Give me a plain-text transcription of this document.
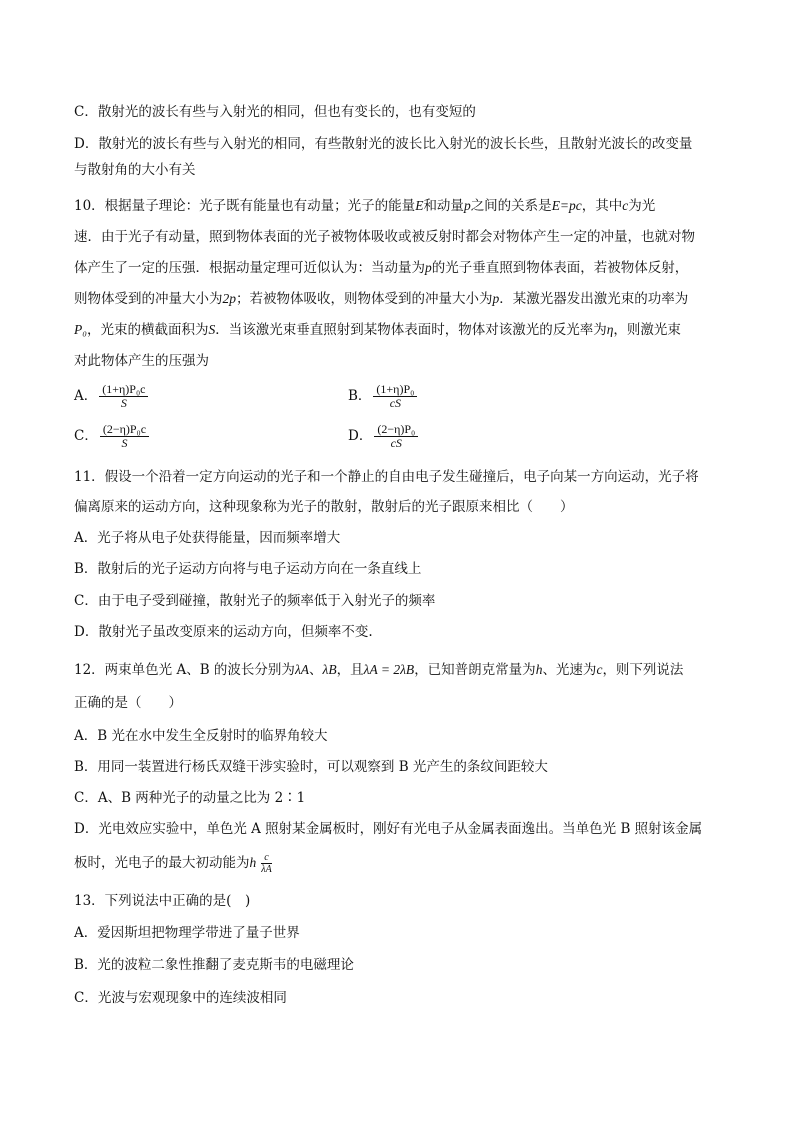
C．散射光的波长有些与入射光的相同，但也有变长的，也有变短的
D．散射光的波长有些与入射光的相同，有些散射光的波长比入射光的波长长些，且散射光波长的改变量
与散射角的大小有关
10．根据量子理论：光子既有能量也有动量；光子的能量E和动量p之间的关系是E=pc，其中c为光
速．由于光子有动量，照到物体表面的光子被物体吸收或被反射时都会对物体产生一定的冲量，也就对物
体产生了一定的压强．根据动量定理可近似认为：当动量为p的光子垂直照到物体表面，若被物体反射，
则物体受到的冲量大小为2p；若被物体吸收，则物体受到的冲量大小为p．某激光器发出激光束的功率为
P₀，光束的横截面积为S．当该激光束垂直照射到某物体表面时，物体对该激光的反光率为η，则激光束
对此物体产生的压强为
A． $\frac{\text{(1+η)P₀c}}{S}$	B． $\frac{\text{(1+η)P₀}}{cS}$
C． $\frac{\text{(2−η)P₀c}}{S}$	D． $\frac{\text{(2−η)P₀}}{cS}$
11．假设一个沿着一定方向运动的光子和一个静止的自由电子发生碰撞后，电子向某一方向运动，光子将
偏离原来的运动方向，这种现象称为光子的散射，散射后的光子跟原来相比（　　）
A．光子将从电子处获得能量，因而频率增大
B．散射后的光子运动方向将与电子运动方向在一条直线上
C．由于电子受到碰撞，散射光子的频率低于入射光子的频率
D．散射光子虽改变原来的运动方向，但频率不变.
12．两束单色光 A、B 的波长分别为λA、λB，且λA = 2λB，已知普朗克常量为h、光速为c，则下列说法
正确的是（　　）
A．B 光在水中发生全反射时的临界角较大
B．用同一装置进行杨氏双缝干涉实验时，可以观察到 B 光产生的条纹间距较大
C．A、B 两种光子的动量之比为 2∶1
D．光电效应实验中，单色光 A 照射某金属板时，刚好有光电子从金属表面逸出。当单色光 B 照射该金属
板时，光电子的最大初动能为h $\frac{c}{\lambda A}$
13．下列说法中正确的是(　)
A．爱因斯坦把物理学带进了量子世界
B．光的波粒二象性推翻了麦克斯韦的电磁理论
C．光波与宏观现象中的连续波相同
